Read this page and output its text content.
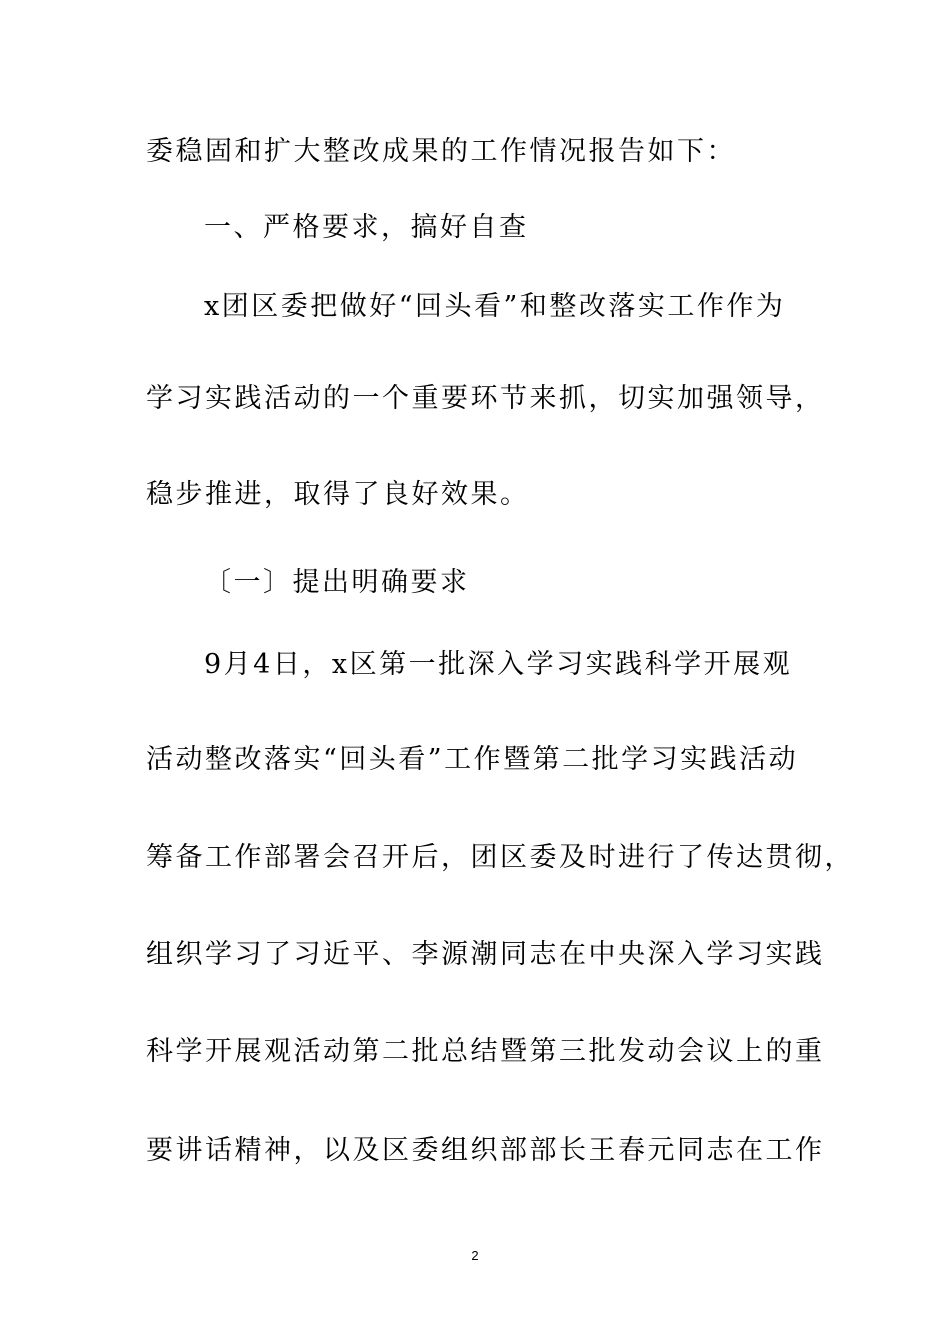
委稳固和扩大整改成果的工作情况报告如下：
一、严格要求，搞好自查
x团区委把做好“回头看”和整改落实工作作为
学习实践活动的一个重要环节来抓，切实加强领导，
稳步推进，取得了良好效果。
〔一〕提出明确要求
9月4日，x区第一批深入学习实践科学开展观
活动整改落实“回头看”工作暨第二批学习实践活动
筹备工作部署会召开后，团区委及时进行了传达贯彻，
组织学习了习近平、李源潮同志在中央深入学习实践
科学开展观活动第二批总结暨第三批发动会议上的重
要讲话精神，以及区委组织部部长王春元同志在工作
2
